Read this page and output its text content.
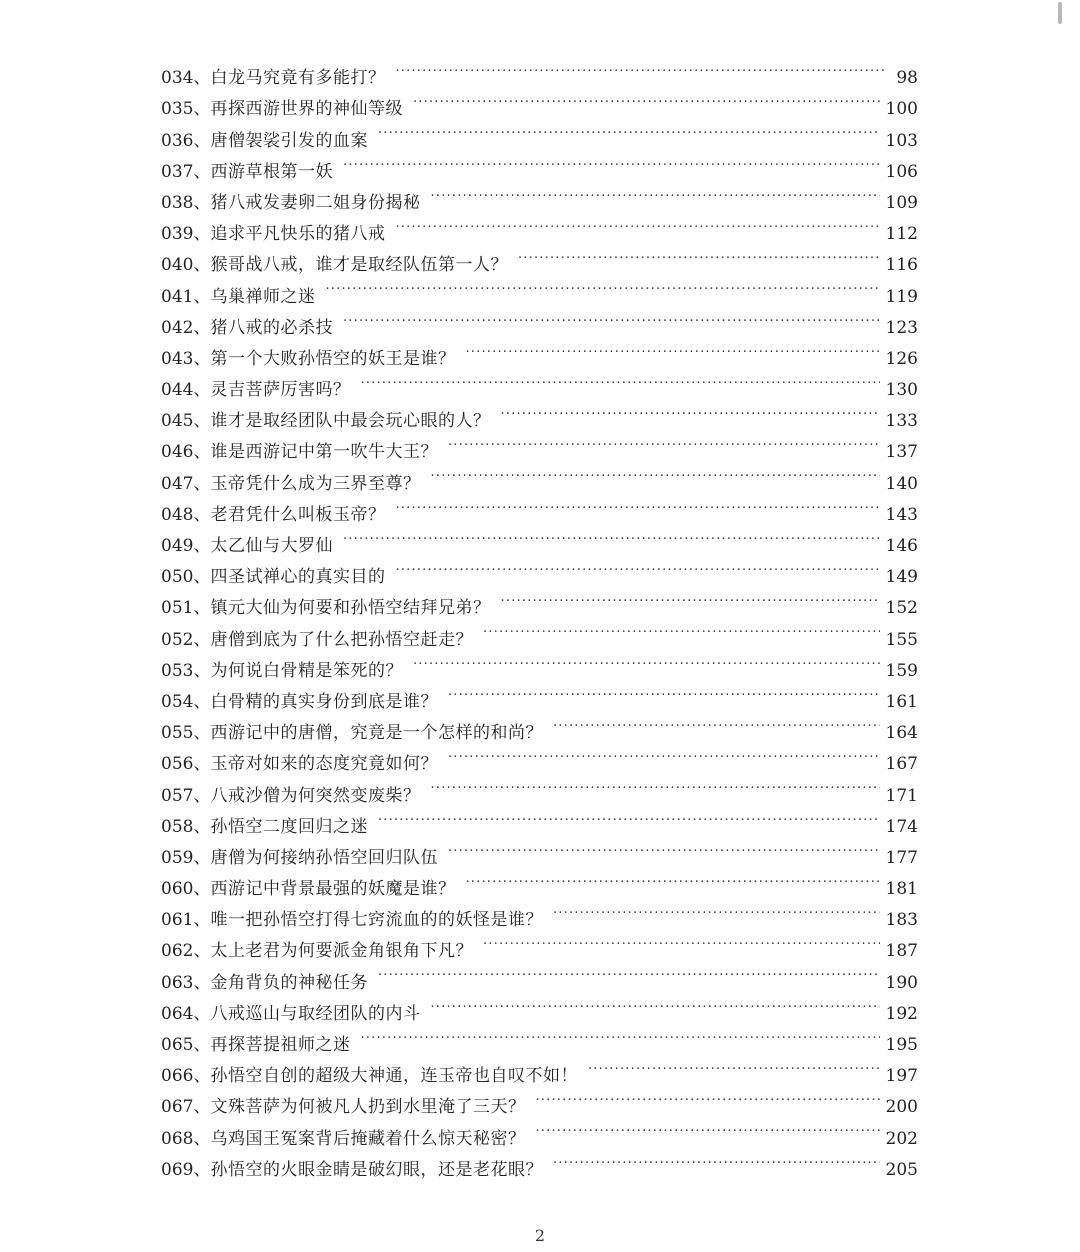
034 、 白龙马究竟有多能打？ .....	98
035 、 再探西游世界的神仙等级 .....	100
036 、 唐僧袈裟引发的血案 .....	103
037 、 西游草根第一妖 .....	106
038 、 猪八戒发妻卵二姐身份揭秘 .....	109
039 、 追求平凡快乐的猪八戒 .....	112
040 、 猴哥战八戒，谁才是取经队伍第一人？ .....	116
041 、 乌巢禅师之迷 .....	119
042 、 猪八戒的必杀技 .....	123
043 、 第一个大败孙悟空的妖王是谁？ .....	126
044 、 灵吉菩萨厉害吗？ .....	130
045 、 谁才是取经团队中最会玩心眼的人？ .....	133
046 、 谁是西游记中第一吹牛大王？ .....	137
047 、 玉帝凭什么成为三界至尊？ .....	140
048 、 老君凭什么叫板玉帝？ .....	143
049 、 太乙仙与大罗仙 .....	146
050 、 四圣试禅心的真实目的 .....	149
051 、 镇元大仙为何要和孙悟空结拜兄弟？ .....	152
052 、 唐僧到底为了什么把孙悟空赶走？ .....	155
053 、 为何说白骨精是笨死的？ .....	159
054 、 白骨精的真实身份到底是谁？ .....	161
055 、 西游记中的唐僧，究竟是一个怎样的和尚？ .....	164
056 、 玉帝对如来的态度究竟如何？ .....	167
057 、 八戒沙僧为何突然变废柴？ .....	171
058 、 孙悟空二度回归之迷 .....	174
059 、 唐僧为何接纳孙悟空回归队伍 .....	177
060 、 西游记中背景最强的妖魔是谁？ .....	181
061 、 唯一把孙悟空打得七窍流血的的妖怪是谁？ .....	183
062 、 太上老君为何要派金角银角下凡？ .....	187
063 、 金角背负的神秘任务 .....	190
064 、 八戒巡山与取经团队的内斗 .....	192
065 、 再探菩提祖师之迷 .....	195
066 、 孙悟空自创的超级大神通，连玉帝也自叹不如！ .....	197
067 、 文殊菩萨为何被凡人扔到水里淹了三天？ .....	200
068 、 乌鸡国王冤案背后掩藏着什么惊天秘密？ .....	202
069 、 孙悟空的火眼金睛是破幻眼，还是老花眼？ .....	205
2
